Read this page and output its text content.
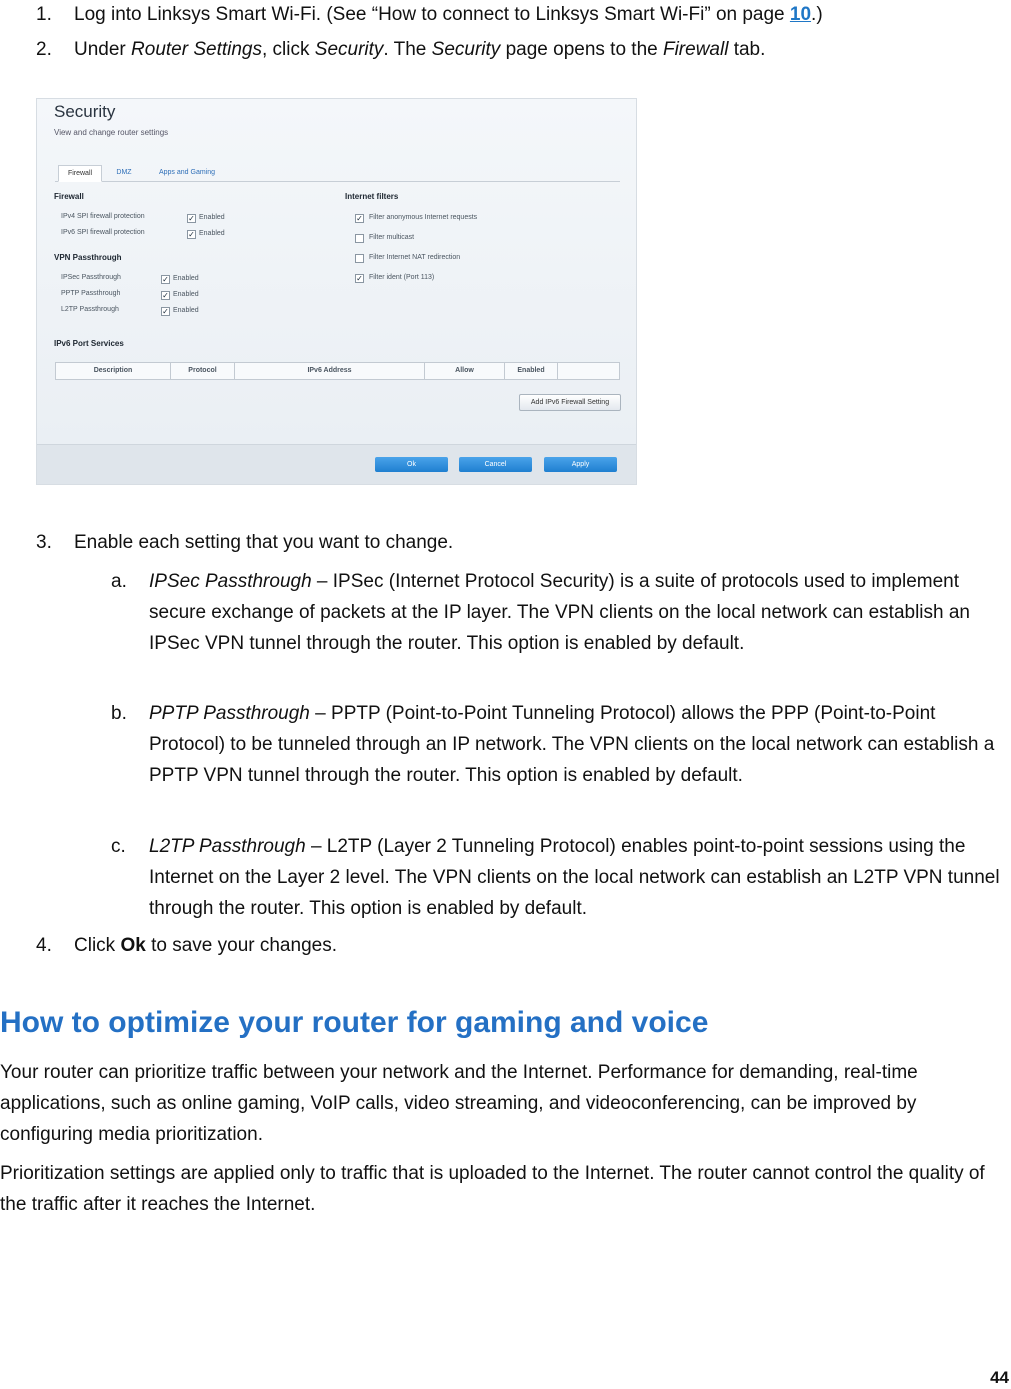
1. Log into Linksys Smart Wi-Fi. (See “How to connect to Linksys Smart Wi-Fi” on page 10.)
2. Under Router Settings, click Security. The Security page opens to the Firewall tab.
Security
View and change router settings
Firewall	DMZ	Apps and Gaming
Firewall
IPv4 SPI firewall protection	✓ Enabled
IPv6 SPI firewall protection	✓ Enabled
VPN Passthrough
IPSec Passthrough	✓ Enabled
PPTP Passthrough	✓ Enabled
L2TP Passthrough	✓ Enabled
Internet filters
✓ Filter anonymous Internet requests
Filter multicast
Filter Internet NAT redirection
✓ Filter ident (Port 113)
IPv6 Port Services
Description	Protocol	IPv6 Address	Allow	Enabled
Add IPv6 Firewall Setting
Ok	Cancel	Apply
3. Enable each setting that you want to change.
a. IPSec Passthrough – IPSec (Internet Protocol Security) is a suite of protocols used to implement secure exchange of packets at the IP layer. The VPN clients on the local network can establish an IPSec VPN tunnel through the router. This option is enabled by default.

b. PPTP Passthrough – PPTP (Point-to-Point Tunneling Protocol) allows the PPP (Point-to-Point Protocol) to be tunneled through an IP network. The VPN clients on the local network can establish a PPTP VPN tunnel through the router. This option is enabled by default.

c. L2TP Passthrough – L2TP (Layer 2 Tunneling Protocol) enables point-to-point sessions using the Internet on the Layer 2 level. The VPN clients on the local network can establish an L2TP VPN tunnel through the router. This option is enabled by default.

4. Click Ok to save your changes.
How to optimize your router for gaming and voice

Your router can prioritize traffic between your network and the Internet. Performance for demanding, real-time applications, such as online gaming, VoIP calls, video streaming, and videoconferencing, can be improved by configuring media prioritization.

Prioritization settings are applied only to traffic that is uploaded to the Internet. The router cannot control the quality of the traffic after it reaches the Internet.

44
